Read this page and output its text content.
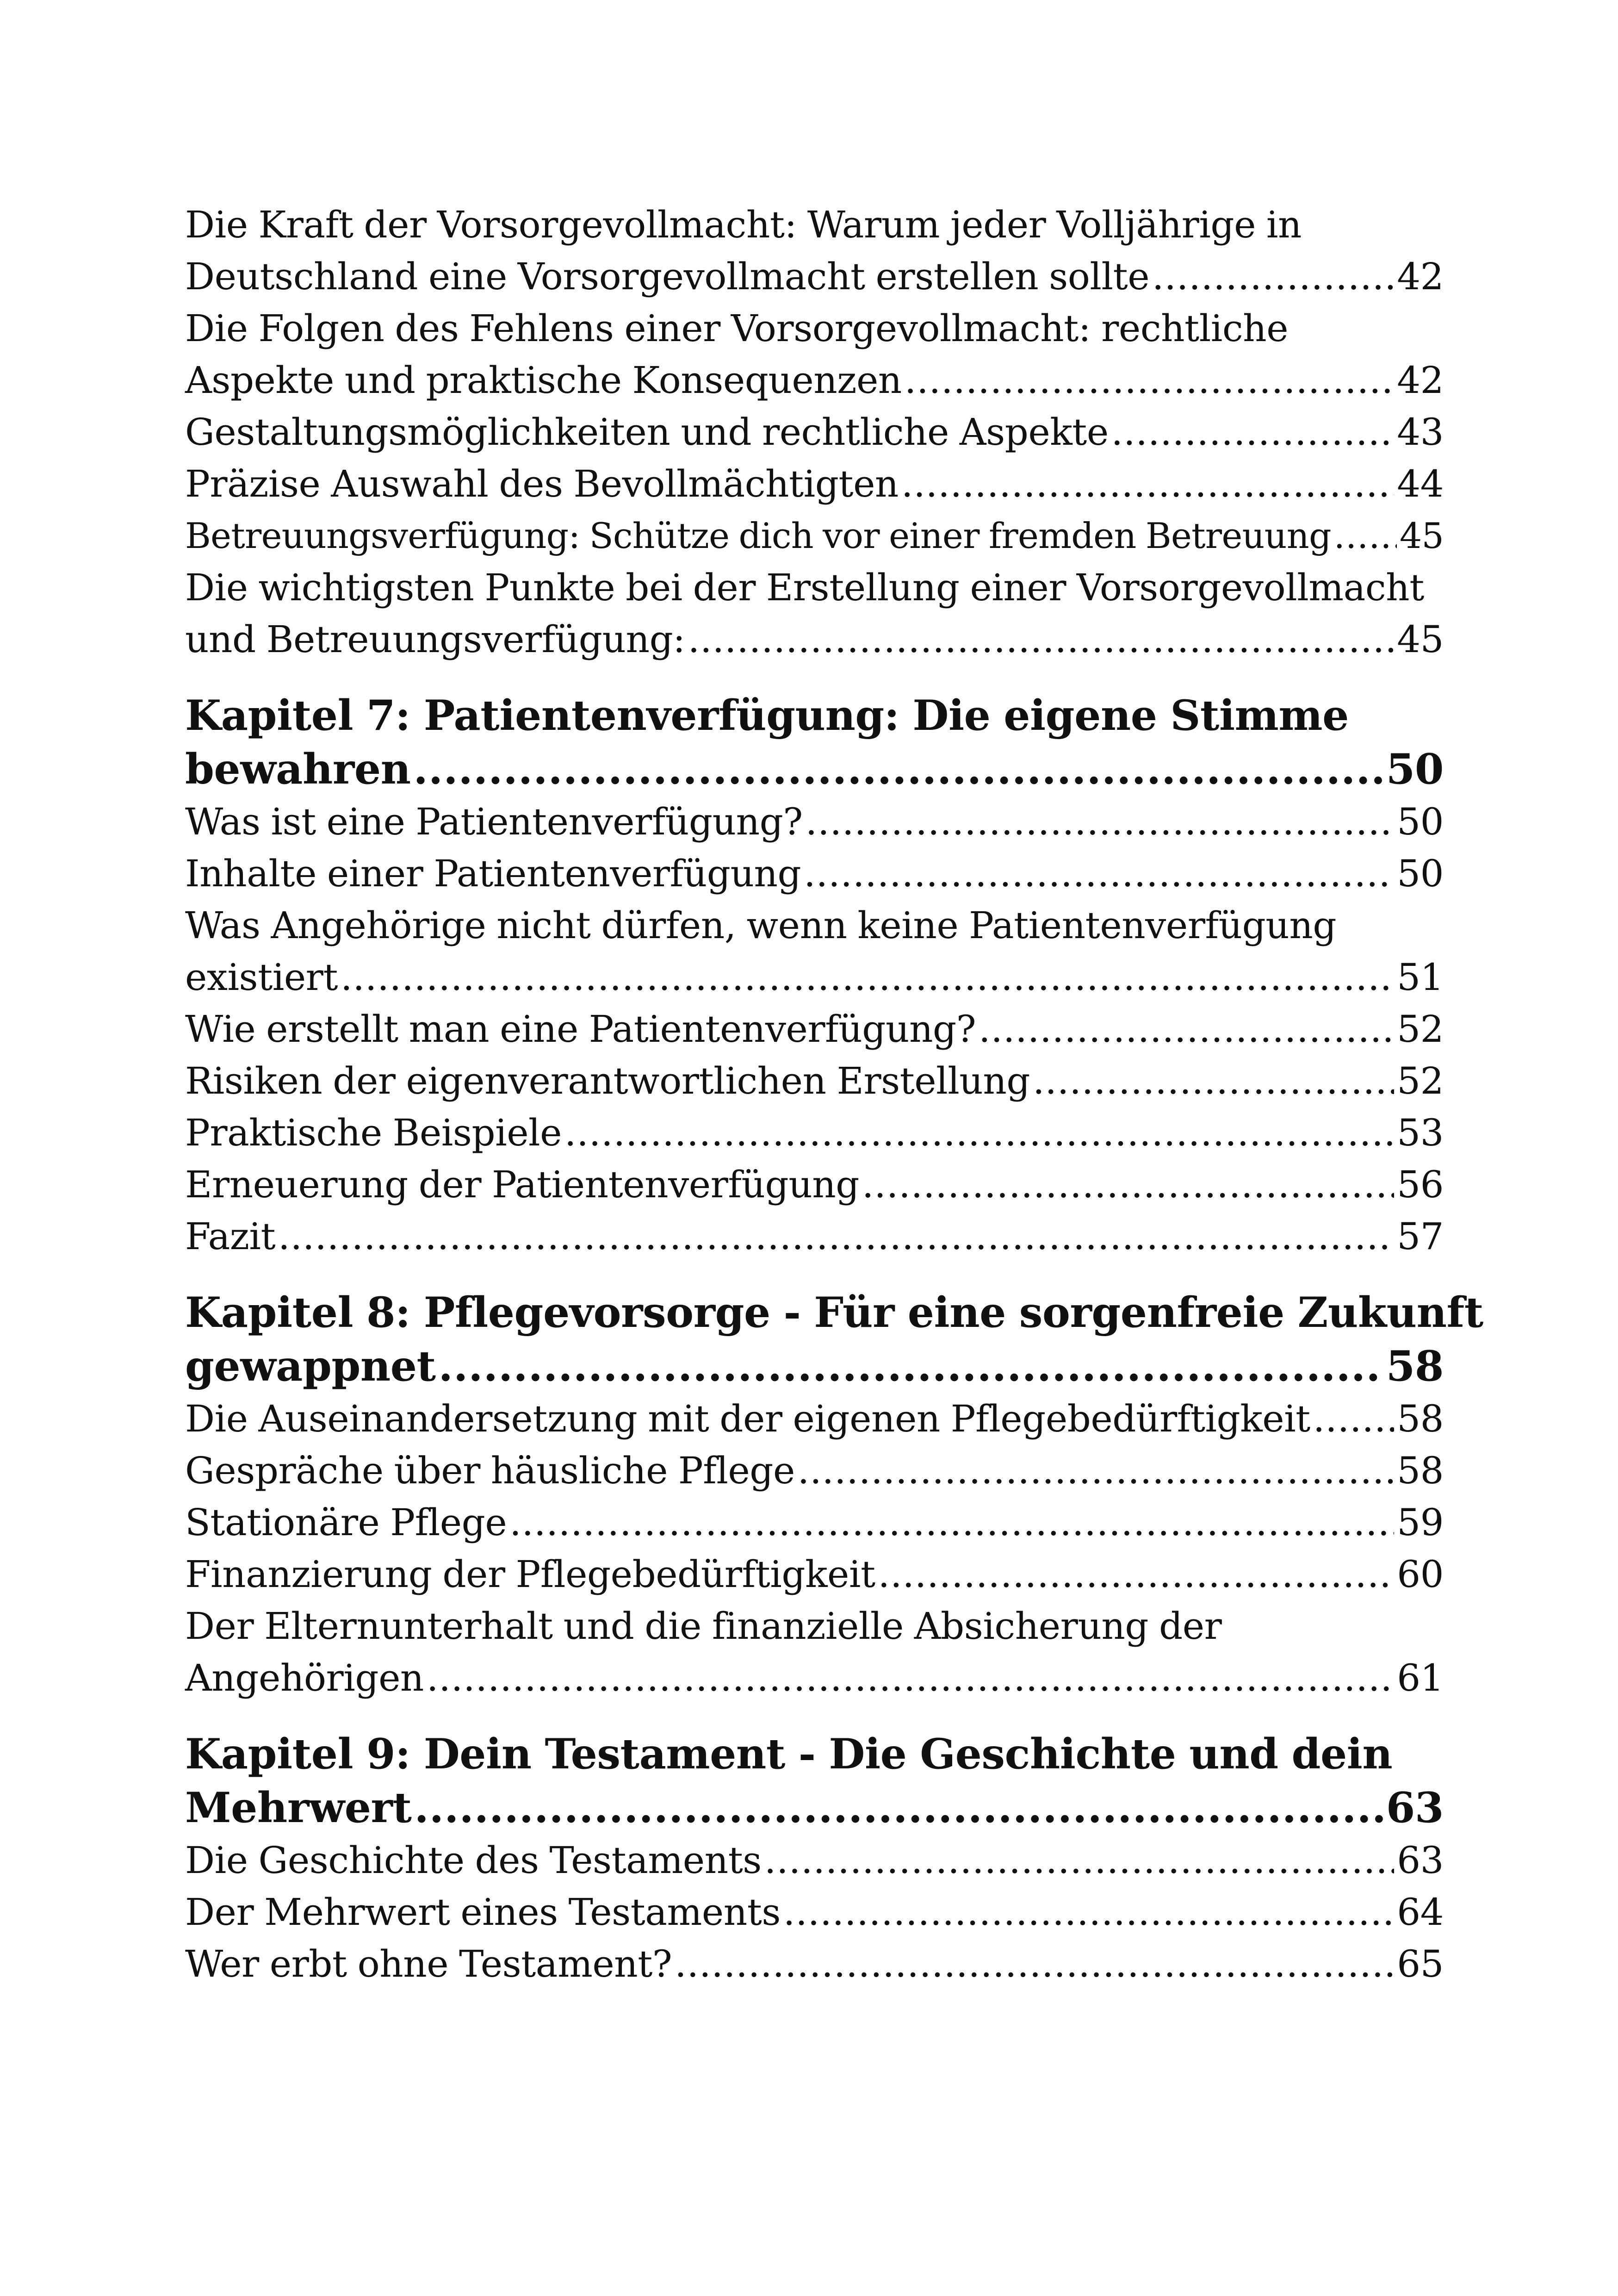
Die Kraft der Vorsorgevollmacht: Warum jeder Volljährige in
Deutschland eine Vorsorgevollmacht erstellen sollte .....	42
Die Folgen des Fehlens einer Vorsorgevollmacht: rechtliche
Aspekte und praktische Konsequenzen .....	42
Gestaltungsmöglichkeiten und rechtliche Aspekte .....	43
Präzise Auswahl des Bevollmächtigten .....	44
Betreuungsverfügung: Schütze dich vor einer fremden Betreuung ..... 45
Die wichtigsten Punkte bei der Erstellung einer Vorsorgevollmacht
und Betreuungsverfügung: .....	45
Kapitel 7: Patientenverfügung: Die eigene Stimme
bewahren .....	50
Was ist eine Patientenverfügung? .....	50
Inhalte einer Patientenverfügung .....	50
Was Angehörige nicht dürfen, wenn keine Patientenverfügung
existiert .....	51
Wie erstellt man eine Patientenverfügung? .....	52
Risiken der eigenverantwortlichen Erstellung .....	52
Praktische Beispiele .....	53
Erneuerung der Patientenverfügung .....	56
Fazit .....	57
Kapitel 8: Pflegevorsorge - Für eine sorgenfreie Zukunft
gewappnet .....	58
Die Auseinandersetzung mit der eigenen Pflegebedürftigkeit ..... 58
Gespräche über häusliche Pflege .....	58
Stationäre Pflege .....	59
Finanzierung der Pflegebedürftigkeit .....	60
Der Elternunterhalt und die finanzielle Absicherung der
Angehörigen .....	61
Kapitel 9: Dein Testament - Die Geschichte und dein
Mehrwert .....	63
Die Geschichte des Testaments .....	63
Der Mehrwert eines Testaments .....	64
Wer erbt ohne Testament? .....	65
